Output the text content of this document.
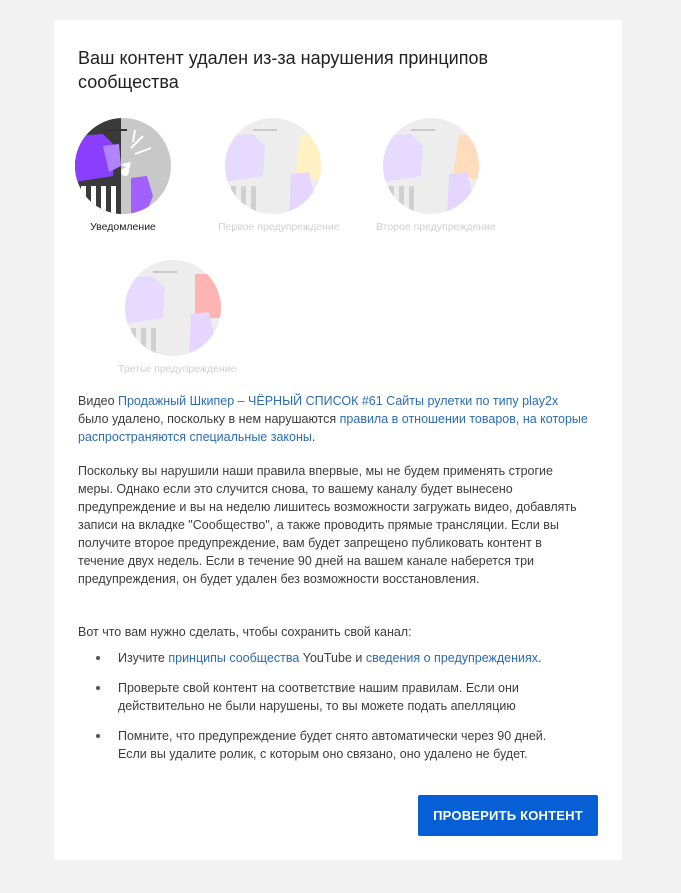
Ваш контент удален из-за нарушения принципов сообщества
Уведомление	Первое предупреждение	Второе предупреждение
Третье предупреждение

Видео Продажный Шкипер – ЧЁРНЫЙ СПИСОК #61 Сайты рулетки по типу play2x было удалено, поскольку в нем нарушаются правила в отношении товаров, на которые распространяются специальные законы.

Поскольку вы нарушили наши правила впервые, мы не будем применять строгие меры. Однако если это случится снова, то вашему каналу будет вынесено предупреждение и вы на неделю лишитесь возможности загружать видео, добавлять записи на вкладке "Сообщество", а также проводить прямые трансляции. Если вы получите второе предупреждение, вам будет запрещено публиковать контент в течение двух недель. Если в течение 90 дней на вашем канале наберется три предупреждения, он будет удален без возможности восстановления.

Вот что вам нужно сделать, чтобы сохранить свой канал:

Изучите принципы сообщества YouTube и сведения о предупреждениях.
Проверьте свой контент на соответствие нашим правилам. Если они действительно не были нарушены, то вы можете подать апелляцию
Помните, что предупреждение будет снято автоматически через 90 дней. Если вы удалите ролик, с которым оно связано, оно удалено не будет.
ПРОВЕРИТЬ КОНТЕНТ
